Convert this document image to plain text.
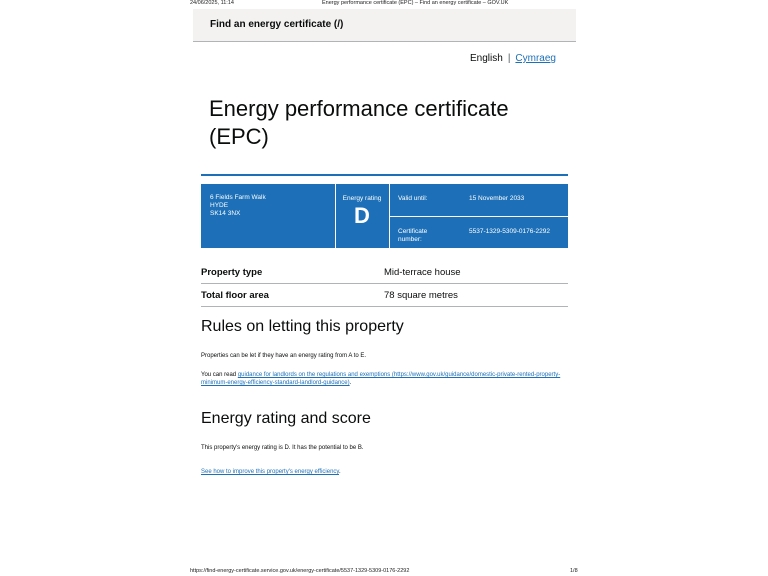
24/06/2025, 11:14	Energy performance certificate (EPC) – Find an energy certificate – GOV.UK
Find an energy certificate (/)
English | Cymraeg
Energy performance certificate (EPC)
6 Fields Farm Walk
HYDE
SK14 3NX
Energy rating
D
Valid until:	15 November 2033
Certificate number:
5537-1329-5309-0176-2292
Property type	Mid-terrace house
Total floor area	78 square metres
Rules on letting this property

Properties can be let if they have an energy rating from A to E.

You can read guidance for landlords on the regulations and exemptions (https://www.gov.uk/guidance/domestic-private-rented-property-minimum-energy-efficiency-standard-landlord-guidance).

Energy rating and score

This property's energy rating is D. It has the potential to be B.

See how to improve this property's energy efficiency.

https://find-energy-certificate.service.gov.uk/energy-certificate/5537-1329-5309-0176-2292	1/8
